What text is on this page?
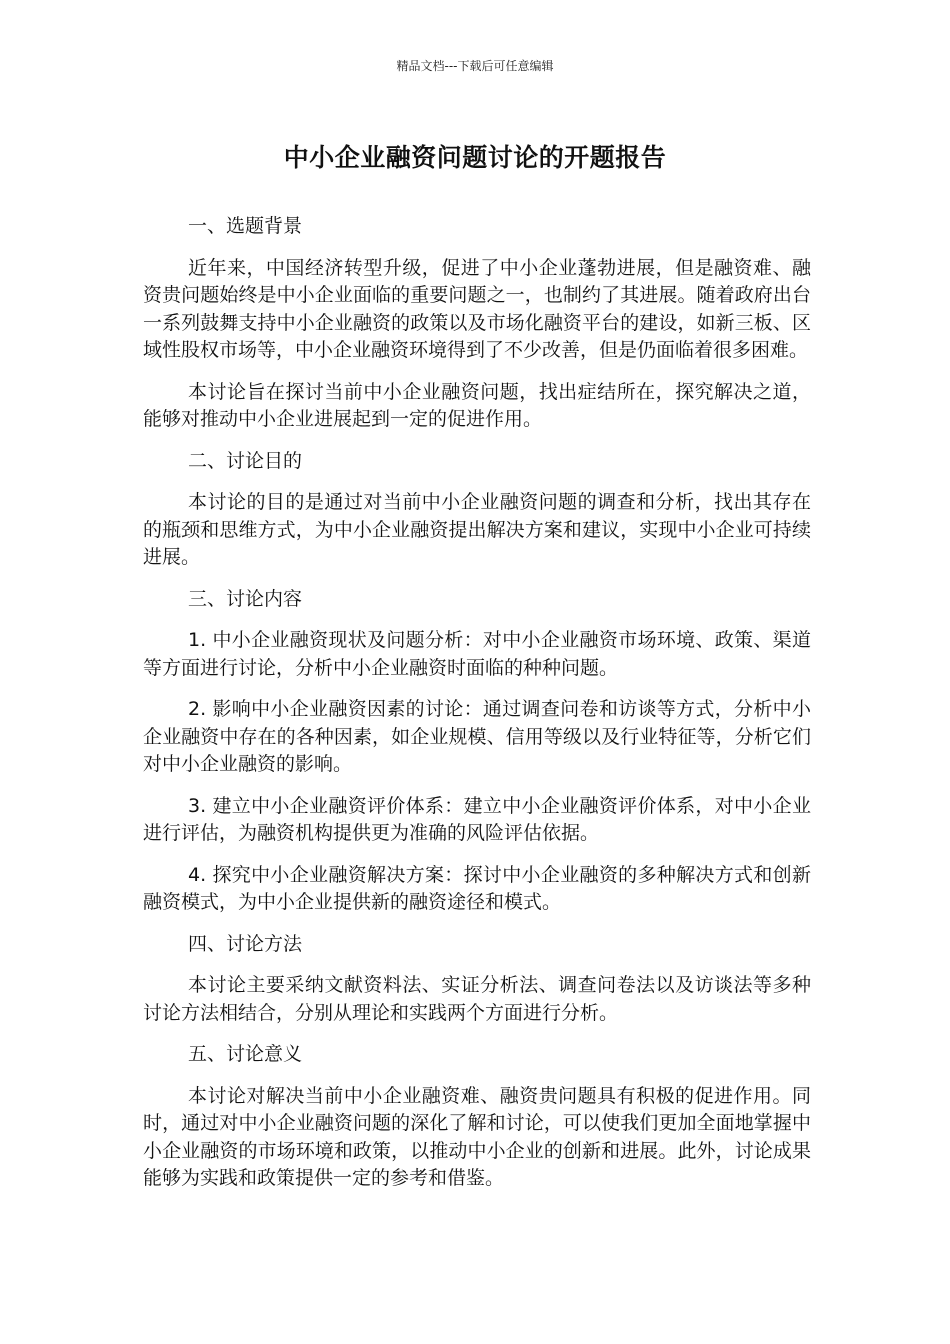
精品文档---下载后可任意编辑
中小企业融资问题讨论的开题报告

一、选题背景

近年来，中国经济转型升级，促进了中小企业蓬勃进展，但是融资难、融资贵问题始终是中小企业面临的重要问题之一，也制约了其进展。随着政府出台一系列鼓舞支持中小企业融资的政策以及市场化融资平台的建设，如新三板、区域性股权市场等，中小企业融资环境得到了不少改善，但是仍面临着很多困难。

本讨论旨在探讨当前中小企业融资问题，找出症结所在，探究解决之道，能够对推动中小企业进展起到一定的促进作用。

二、讨论目的

本讨论的目的是通过对当前中小企业融资问题的调查和分析，找出其存在的瓶颈和思维方式，为中小企业融资提出解决方案和建议，实现中小企业可持续进展。

三、讨论内容

1. 中小企业融资现状及问题分析：对中小企业融资市场环境、政策、渠道等方面进行讨论，分析中小企业融资时面临的种种问题。

2. 影响中小企业融资因素的讨论：通过调查问卷和访谈等方式，分析中小企业融资中存在的各种因素，如企业规模、信用等级以及行业特征等，分析它们对中小企业融资的影响。

3. 建立中小企业融资评价体系：建立中小企业融资评价体系，对中小企业进行评估，为融资机构提供更为准确的风险评估依据。

4. 探究中小企业融资解决方案：探讨中小企业融资的多种解决方式和创新融资模式，为中小企业提供新的融资途径和模式。

四、讨论方法

本讨论主要采纳文献资料法、实证分析法、调查问卷法以及访谈法等多种讨论方法相结合，分别从理论和实践两个方面进行分析。

五、讨论意义

本讨论对解决当前中小企业融资难、融资贵问题具有积极的促进作用。同时，通过对中小企业融资问题的深化了解和讨论，可以使我们更加全面地掌握中小企业融资的市场环境和政策，以推动中小企业的创新和进展。此外，讨论成果能够为实践和政策提供一定的参考和借鉴。
